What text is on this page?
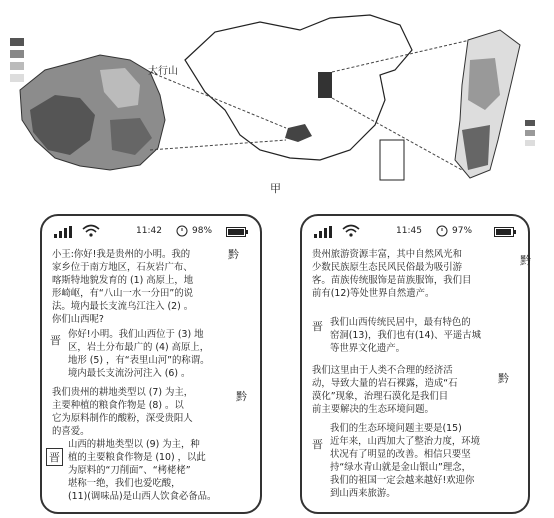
太行山
甲
11:42	98%
小王:你好!我是贵州的小明。我的
家乡位于南方地区，石灰岩广布、
喀斯特地貌发育的 (1) 高原上，地
形崎岖，有“八山一水一分田”的说
法。境内最长支流乌江注入 (2) 。
你们山西呢?
你好!小明。我们山西位于 (3) 地
区，岩土分布最广的 (4) 高原上，
地形 (5) ，有“表里山河”的称谓。
境内最长支流汾河注入 (6) 。
我们贵州的耕地类型以 (7) 为主，
主要种植的粮食作物是 (8) 。以
它为原料制作的酸粉，深受贵阳人
的喜爱。
山西的耕地类型以 (9) 为主，种
植的主要粮食作物是 (10) ，以此
为原料的“刀削面”、“栲栳栳”
堪称一绝，我们也爱吃酸，
(11)(调味品)是山西人饮食必备品。
黔
晋
黔
晋
11:45	97%
贵州旅游资源丰富，其中自然风光和
少数民族原生态民风民俗最为吸引游
客。苗族传统服饰是苗族服饰，我们目
前有(12)等处世界自然遗产。
我们山西传统民居中，最有特色的
窑洞(13)，我们也有(14)、平遥古城
等世界文化遗产。
我们这里由于人类不合理的经济活
动，导致大量的岩石裸露，造成“石
漠化”现象，治理石漠化是我们目
前主要解决的生态环境问题。
我们的生态环境问题主要是(15)
近年来，山西加大了整治力度，环境
状况有了明显的改善。相信只要坚
持“绿水青山就是金山银山”理念，
我们的祖国一定会越来越好!欢迎你
到山西来旅游。
黔
晋
黔
晋
